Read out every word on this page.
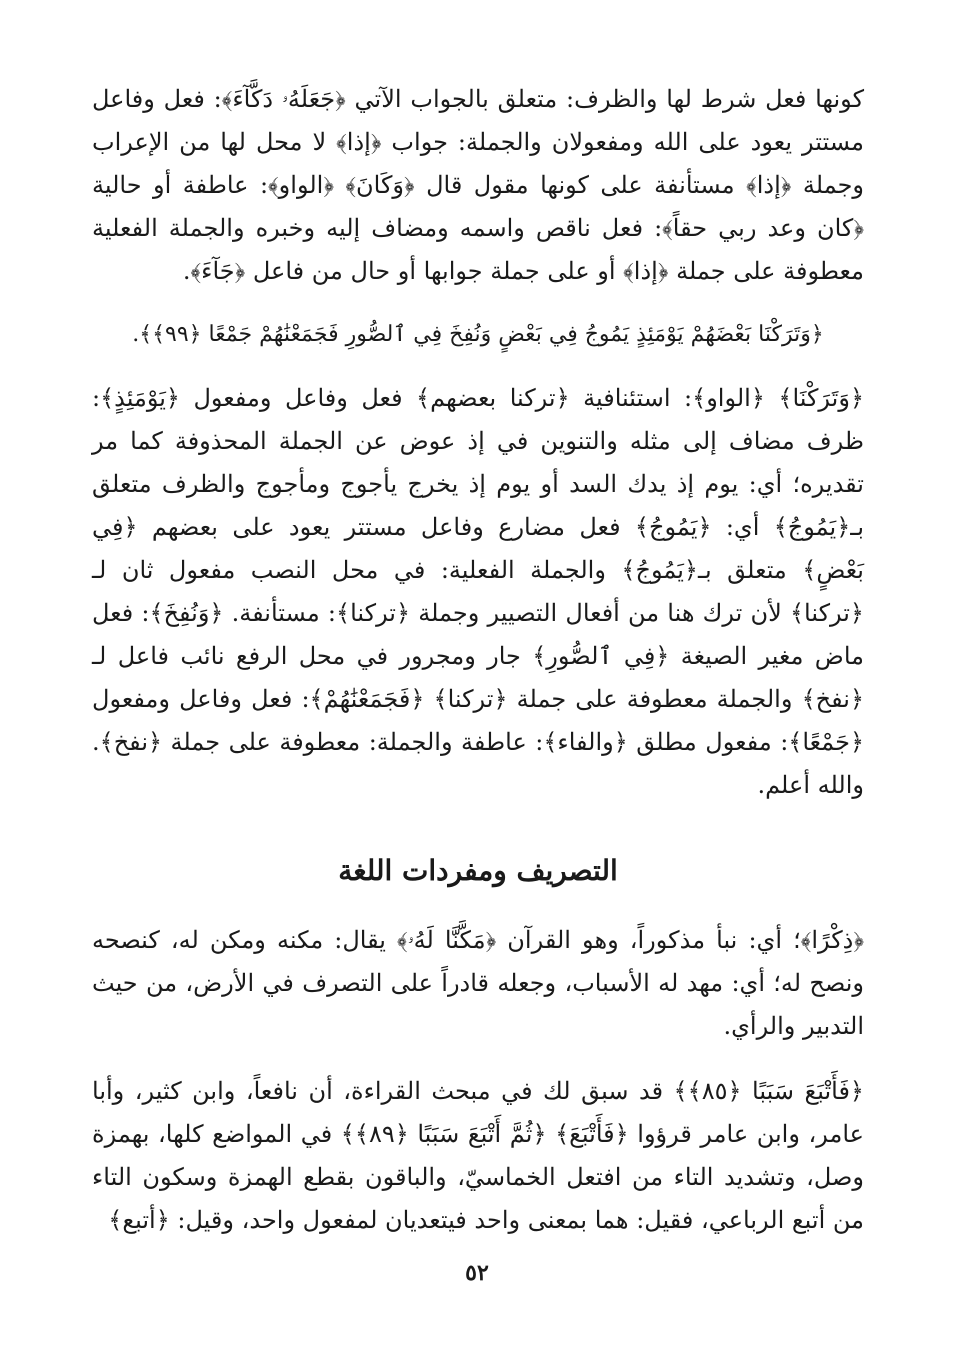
كونها فعل شرط لها والظرف: متعلق بالجواب الآتي ﴿جَعَلَهُۥ دَكَّآءَ﴾: فعل وفاعل مستتر يعود على الله ومفعولان والجملة: جواب ﴿إذا﴾ لا محل لها من الإعراب وجملة ﴿إذا﴾ مستأنفة على كونها مقول قال ﴿وَكَانَ﴾ ﴿الواو﴾: عاطفة أو حالية ﴿كان وعد ربي حقاً﴾: فعل ناقص واسمه ومضاف إليه وخبره والجملة الفعلية معطوفة على جملة ﴿إذا﴾ أو على جملة جوابها أو حال من فاعل ﴿جَآءَ﴾.

﴿وَتَرَكْنَا بَعْضَهُمْ يَوْمَئِذٍ يَمُوجُ فِي بَعْضٍ وَنُفِخَ فِي ٱلصُّورِ فَجَمَعْنَٰهُمْ جَمْعًا ﴿٩٩﴾﴾.

﴿وَتَرَكْنَا﴾ ﴿الواو﴾: استئنافية ﴿تركنا بعضهم﴾ فعل وفاعل ومفعول ﴿يَوْمَئِذٍ﴾: ظرف مضاف إلى مثله والتنوين في إذ عوض عن الجملة المحذوفة كما مر تقديره؛ أي: يوم إذ يدك السد أو يوم إذ يخرج يأجوج ومأجوج والظرف متعلق بـ﴿يَمُوجُ﴾ أي: ﴿يَمُوجُ﴾ فعل مضارع وفاعل مستتر يعود على بعضهم ﴿فِي بَعْضٍ﴾ متعلق بـ﴿يَمُوجُ﴾ والجملة الفعلية: في محل النصب مفعول ثان لـ ﴿تركنا﴾ لأن ترك هنا من أفعال التصيير وجملة ﴿تركنا﴾: مستأنفة. ﴿وَنُفِخَ﴾: فعل ماض مغير الصيغة ﴿فِي ٱلصُّورِ﴾ جار ومجرور في محل الرفع نائب فاعل لـ ﴿نفخ﴾ والجملة معطوفة على جملة ﴿تركنا﴾ ﴿فَجَمَعْنَٰهُمْ﴾: فعل وفاعل ومفعول ﴿جَمْعًا﴾: مفعول مطلق ﴿والفاء﴾: عاطفة والجملة: معطوفة على جملة ﴿نفخ﴾. والله أعلم.

التصريف ومفردات اللغة

﴿ذِكْرًا﴾؛ أي: نبأ مذكوراً، وهو القرآن ﴿مَكَّنَّا لَهُۥ﴾ يقال: مكنه ومكن له، كنصحه ونصح له؛ أي: مهد له الأسباب، وجعله قادراً على التصرف في الأرض، من حيث التدبير والرأي.

﴿فَأَتْبَعَ سَبَبًا ﴿٨٥﴾﴾ قد سبق لك في مبحث القراءة، أن نافعاً، وابن كثير، وأبا عامر، وابن عامر قرؤوا ﴿فَأَتْبَعَ﴾ ﴿ثُمَّ أَتْبَعَ سَبَبًا ﴿٨٩﴾﴾ في المواضع كلها، بهمزة وصل، وتشديد التاء من افتعل الخماسيّ، والباقون بقطع الهمزة وسكون التاء من أتبع الرباعي، فقيل: هما بمعنى واحد فيتعديان لمفعول واحد، وقيل: ﴿أتبع﴾

٥٢
